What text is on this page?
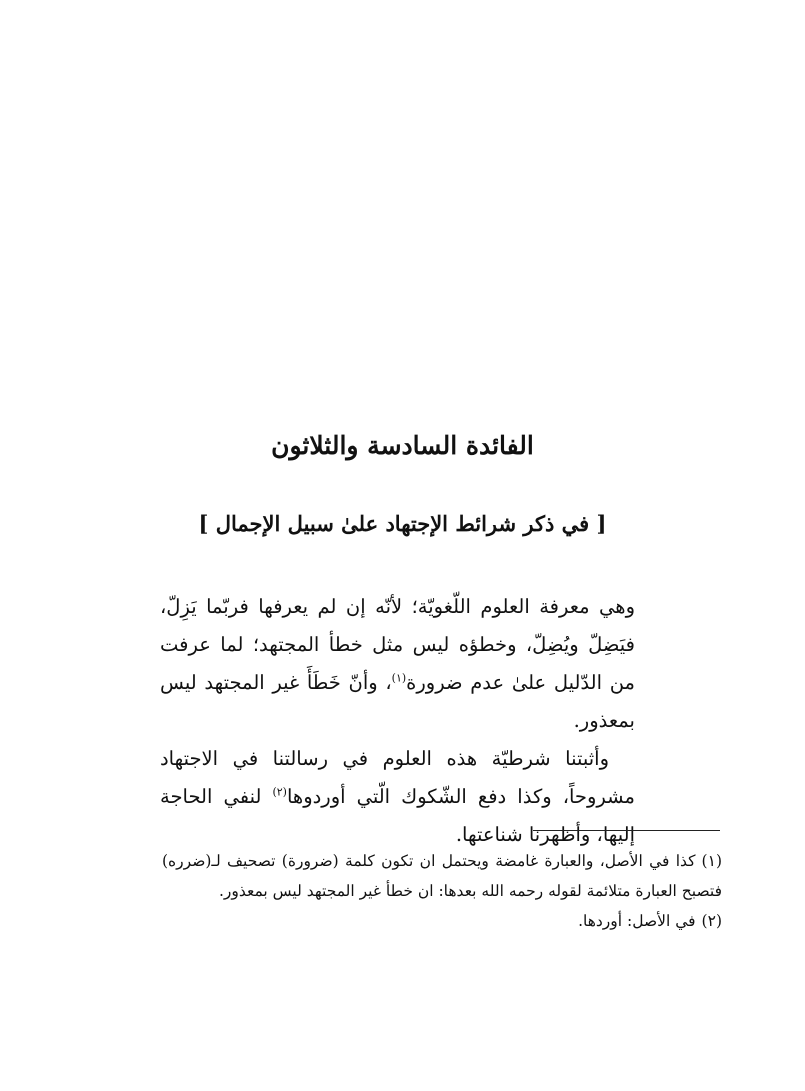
الفائدة السادسة والثلاثون
[ في ذكر شرائط الإجتهاد علىٰ سبيل الإجمال ]

وهي معرفة العلوم اللّغويّة؛ لأنّه إن لم يعرفها فربّما يَزِلّ، فيَضِلّ ويُضِلّ، وخطؤه ليس مثل خطأ المجتهد؛ لما عرفت من الدّليل علىٰ عدم ضرورة$^{(١)}$، وأنّ خَطَأَ غير المجتهد ليس بمعذور.

وأثبتنا شرطيّة هذه العلوم في رسالتنا في الاجتهاد مشروحاً، وكذا دفع الشّكوك الّتي أوردوها$^{(٢)}$ لنفي الحاجة إليها، وأظهرنا شناعتها.

(١)كذا في الأصل، والعبارة غامضة ويحتمل ان تكون كلمة (ضرورة) تصحيف لـ(ضرره) فتصبح العبارة متلائمة لقوله رحمه الله بعدها: ان خطأ غير المجتهد ليس بمعذور.

(٢)في الأصل: أوردها.
